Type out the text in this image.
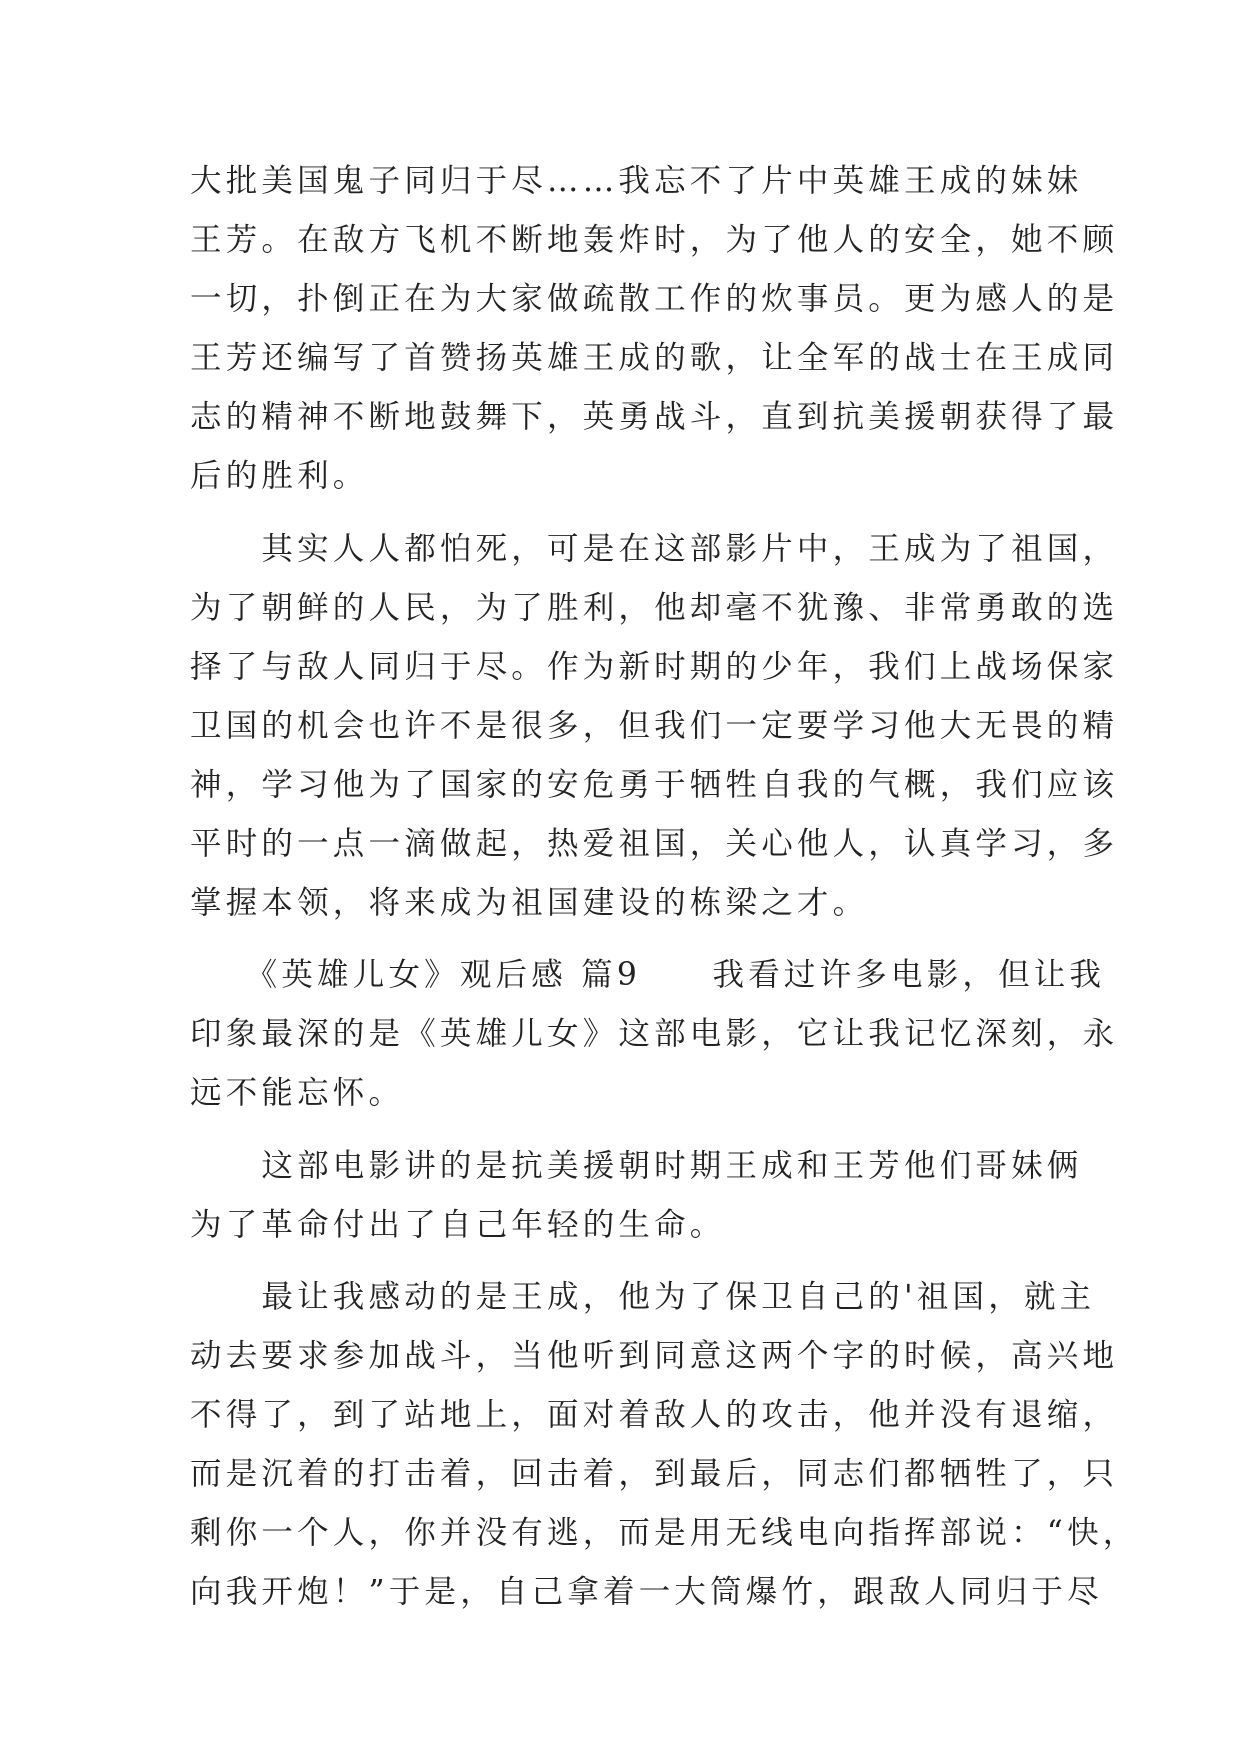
大批美国鬼子同归于尽……我忘不了片中英雄王成的妹妹
王芳。在敌方飞机不断地轰炸时，为了他人的安全，她不顾
一切，扑倒正在为大家做疏散工作的炊事员。更为感人的是
王芳还编写了首赞扬英雄王成的歌，让全军的战士在王成同
志的精神不断地鼓舞下，英勇战斗，直到抗美援朝获得了最
后的胜利。
　　其实人人都怕死，可是在这部影片中，王成为了祖国，
为了朝鲜的人民，为了胜利，他却毫不犹豫、非常勇敢的选
择了与敌人同归于尽。作为新时期的少年，我们上战场保家
卫国的机会也许不是很多，但我们一定要学习他大无畏的精
神，学习他为了国家的安危勇于牺牲自我的气概，我们应该
平时的一点一滴做起，热爱祖国，关心他人，认真学习，多
掌握本领，将来成为祖国建设的栋梁之才。
　　《英雄儿女》观后感 篇9　　我看过许多电影，但让我
印象最深的是《英雄儿女》这部电影，它让我记忆深刻，永
远不能忘怀。
　　这部电影讲的是抗美援朝时期王成和王芳他们哥妹俩
为了革命付出了自己年轻的生命。
　　最让我感动的是王成，他为了保卫自己的'祖国，就主
动去要求参加战斗，当他听到同意这两个字的时候，高兴地
不得了，到了站地上，面对着敌人的攻击，他并没有退缩，
而是沉着的打击着，回击着，到最后，同志们都牺牲了，只
剩你一个人，你并没有逃，而是用无线电向指挥部说：“快，
向我开炮！”于是，自己拿着一大筒爆竹，跟敌人同归于尽
